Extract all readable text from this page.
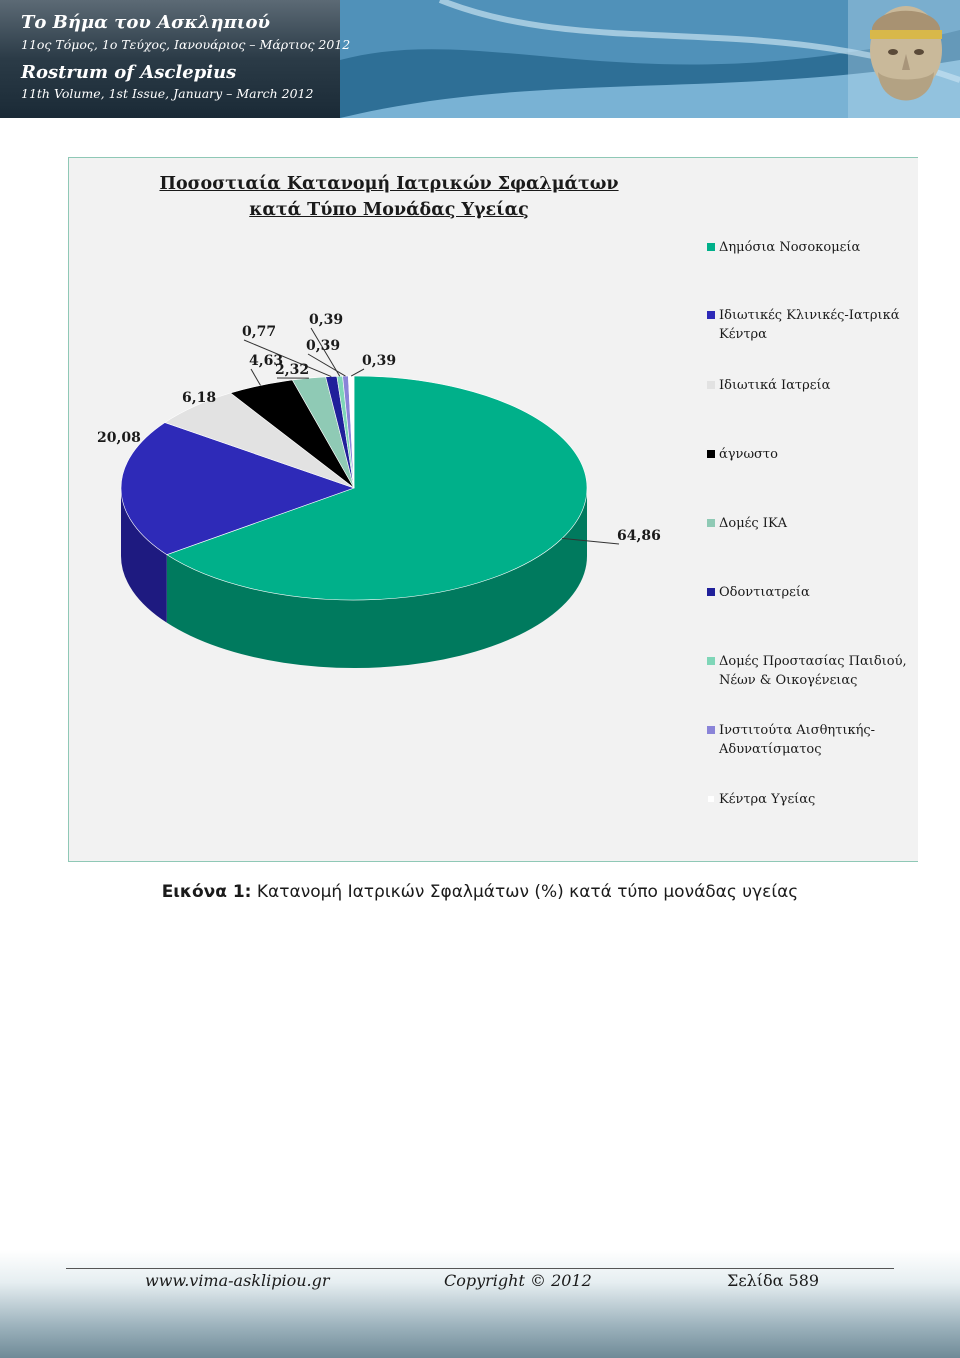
Το Βήμα του Ασκληπιού
11ος Τόμος, 1ο Τεύχος, Ιανουάριος – Μάρτιος 2012
Rostrum of Asclepius
11th Volume, 1st Issue, January – March 2012
64,86
20,08
6,18
4,63
2,32
0,77
0,39
0,39
0,39
Ποσοστιαία Κατανομή Ιατρικών Σφαλμάτων
κατά Τύπο Μονάδας Υγείας
Δημόσια Νοσοκομεία
Ιδιωτικές Κλινικές-Ιατρικά Κέντρα
Ιδιωτικά Ιατρεία
άγνωστο
Δομές ΙΚΑ
Οδοντιατρεία
Δομές Προστασίας Παιδιού, Νέων & Οικογένειας
Ινστιτούτα Αισθητικής-Αδυνατίσματος
Κέντρα Υγείας
Εικόνα 1: Κατανομή Ιατρικών Σφαλμάτων (%) κατά τύπο μονάδας υγείας
www.vima-asklipiou.gr	Copyright © 2012	Σελίδα 589
